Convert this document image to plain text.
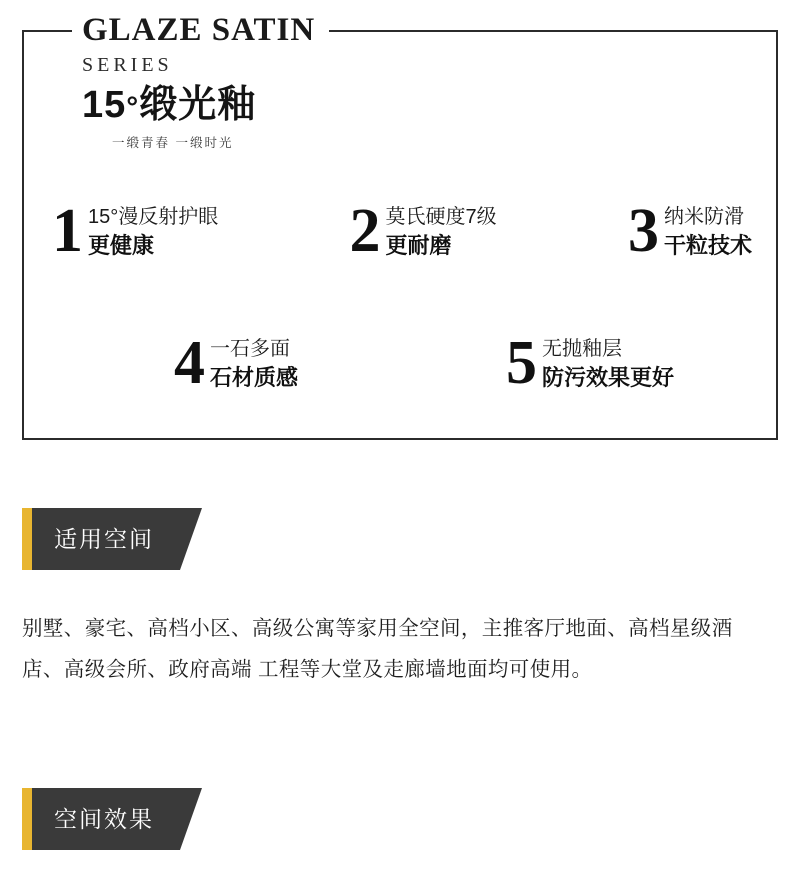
GLAZE SATIN
SERIES
15°缎光釉
一缎青春 一缎时光
1 15°漫反射护眼
更健康	2 莫氏硬度7级
更耐磨	3 纳米防滑
干粒技术
4 一石多面
石材质感	5 无抛釉层
防污效果更好
适用空间
别墅、豪宅、高档小区、高级公寓等家用全空间，主推客厅地面、高档星级酒店、高级会所、政府高端 工程等大堂及走廊墙地面均可使用。
空间效果
